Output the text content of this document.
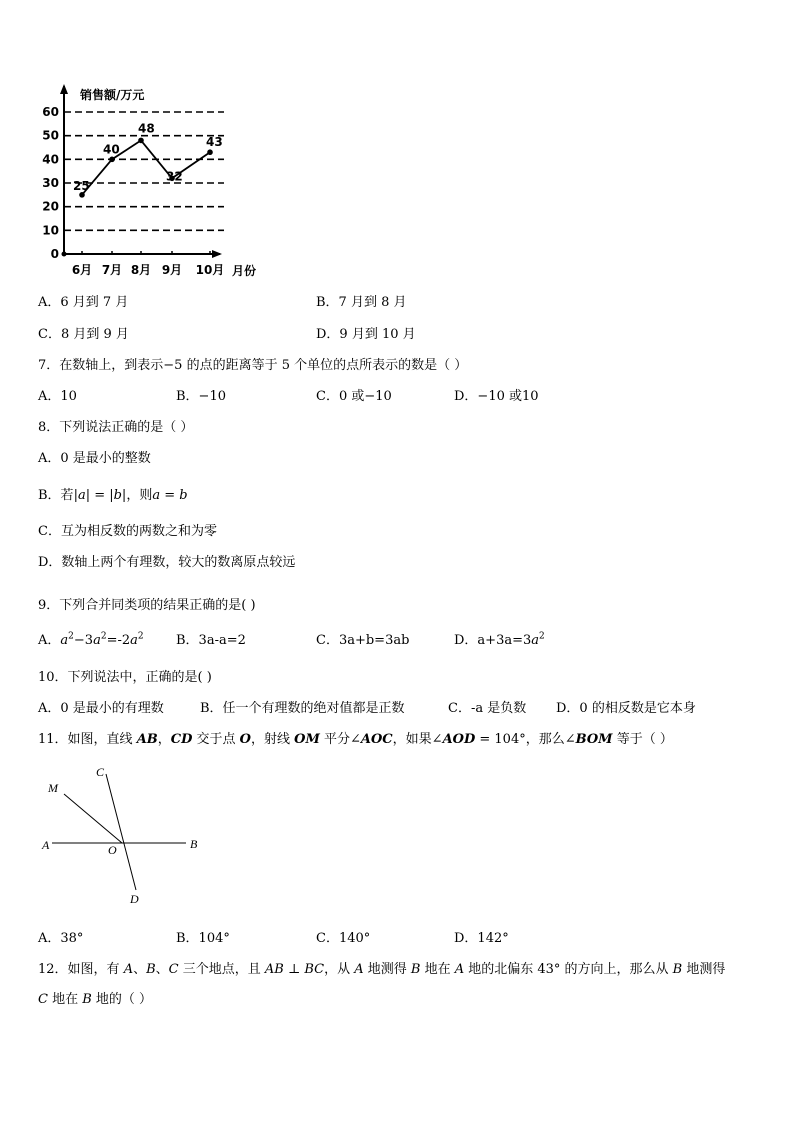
0
10
20
30
40
50
60
销售额/万元
月份
6月 7月 8月 9月 10月
25
40
48
32
43
A．6 月到 7 月	B．7 月到 8 月
C．8 月到 9 月	D．9 月到 10 月
7．在数轴上，到表示−5 的点的距离等于 5 个单位的点所表示的数是（ ）
A．10	B．−10	C．0 或−10	D．−10 或10
8．下列说法正确的是（ ）
A．0 是最小的整数
B．若|a| = |b|，则a = b
C．互为相反数的两数之和为零
D．数轴上两个有理数，较大的数离原点较远
9．下列合并同类项的结果正确的是( )
A．$a^2-3a^2=-2a^2$ B．3a-a=2	C．3a+b=3ab	D．$a+3a=3a^2$
10．下列说法中，正确的是( )
A．0 是最小的有理数	B．任一个有理数的绝对值都是正数	C．-a 是负数 D．0 的相反数是它本身
11．如图，直线 AB，CD 交于点 O，射线 OM 平分∠AOC，如果∠AOD = 104°，那么∠BOM 等于（ ）
M
C
A	O	B
D
A．38°	B．104°	C．140°	D．142°
12．如图，有 A、B、C 三个地点，且 AB ⊥ BC，从 A 地测得 B 地在 A 地的北偏东 43° 的方向上，那么从 B 地测得
C 地在 B 地的（ ）
